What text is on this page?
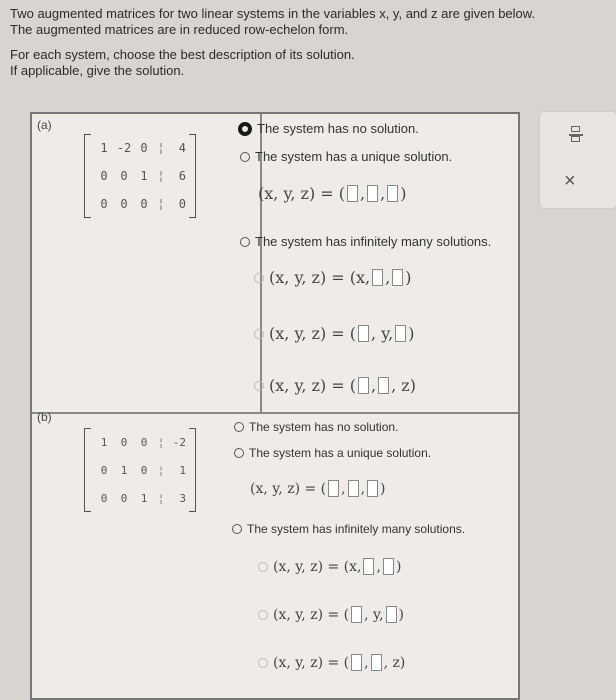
Two augmented matrices for two linear systems in the variables x, y, and z are given below.
The augmented matrices are in reduced row-echelon form.

For each system, choose the best description of its solution.
If applicable, give the solution.

(a)
1 -2 0 ¦	4
0	0	1 ¦	6
0	0	0 ¦	0
The system has no solution.
The system has a unique solution.
(x, y, z) = ( , , )
The system has infinitely many solutions.
(x, y, z) = (x, , )
(x, y, z) = ( , y, )
(x, y, z) = ( , , z)
(b)
1	0	0 ¦ -2
0	1	0 ¦	1
0	0	1 ¦	3
The system has no solution.
The system has a unique solution.
(x, y, z) = ( , , )
The system has infinitely many solutions.
(x, y, z) = (x, , )
(x, y, z) = ( , y, )
(x, y, z) = ( , , z)
×
